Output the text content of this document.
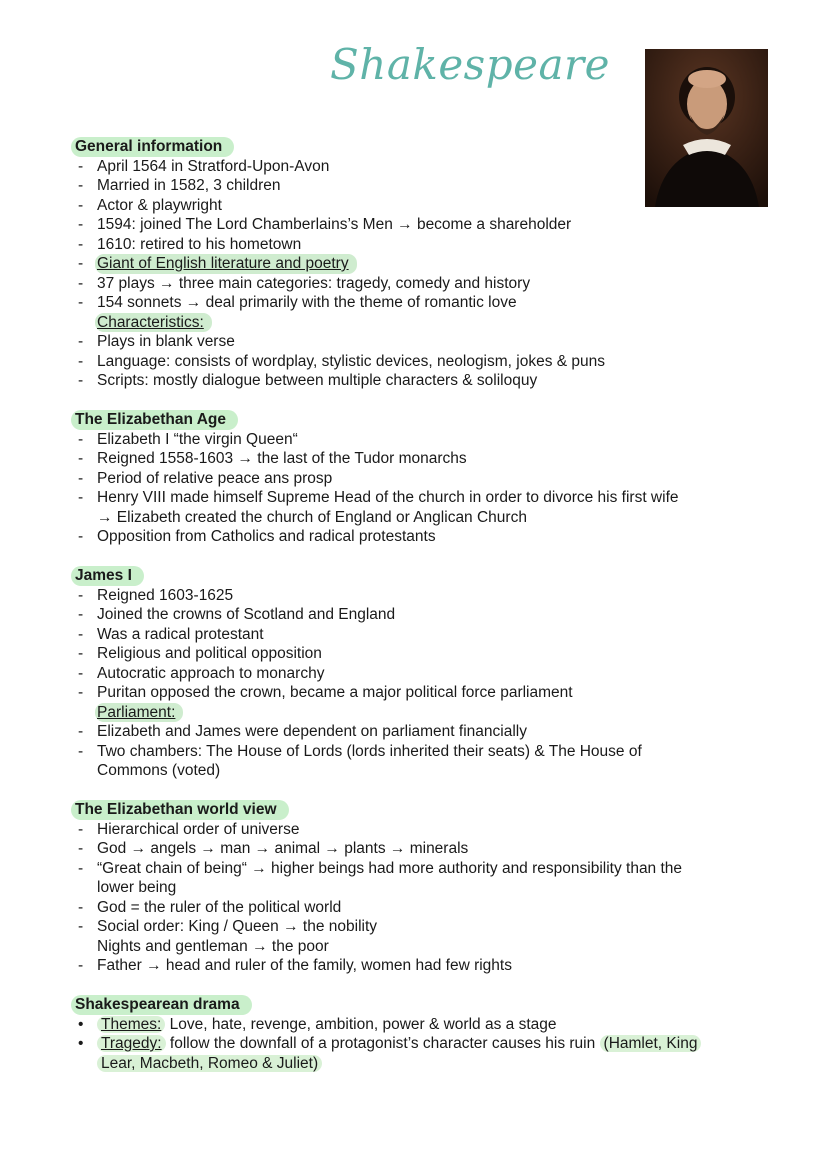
Shakespeare
General information
- April 1564 in Stratford-Upon-Avon
- Married in 1582, 3 children
- Actor & playwright
- 1594: joined The Lord Chamberlains’s Men → become a shareholder
- 1610: retired to his hometown
- Giant of English literature and poetry
- 37 plays → three main categories: tragedy, comedy and history
- 154 sonnets → deal primarily with the theme of romantic love
Characteristics:
- Plays in blank verse
- Language: consists of wordplay, stylistic devices, neologism, jokes & puns
- Scripts: mostly dialogue between multiple characters & soliloquy
The Elizabethan Age
- Elizabeth I “the virgin Queen“
- Reigned 1558-1603 → the last of the Tudor monarchs
- Period of relative peace ans prosp
- Henry VIII made himself Supreme Head of the church in order to divorce his first wife
→ Elizabeth created the church of England or Anglican Church
- Opposition from Catholics and radical protestants
James I
- Reigned 1603-1625
- Joined the crowns of Scotland and England
- Was a radical protestant
- Religious and political opposition
- Autocratic approach to monarchy
- Puritan opposed the crown, became a major political force parliament
Parliament:
- Elizabeth and James were dependent on parliament financially
- Two chambers: The House of Lords (lords inherited their seats) & The House of
Commons (voted)
The Elizabethan world view
- Hierarchical order of universe
- God → angels → man → animal → plants → minerals
- “Great chain of being“ → higher beings had more authority and responsibility than the
lower being
- God = the ruler of the political world
- Social order: King / Queen → the nobility
Nights and gentleman → the poor
- Father → head and ruler of the family, women had few rights
Shakespearean drama
• Themes: Love, hate, revenge, ambition, power & world as a stage
• Tragedy: follow the downfall of a protagonist’s character causes his ruin (Hamlet, King
Lear, Macbeth, Romeo & Juliet)
